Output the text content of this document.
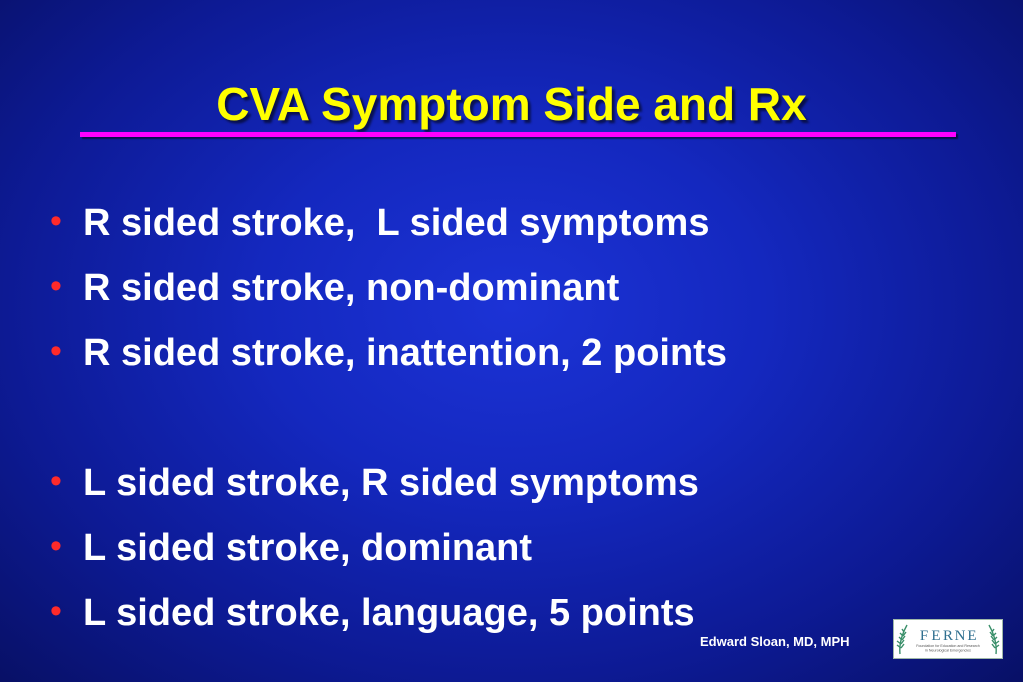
CVA Symptom Side and Rx
• R sided stroke,  L sided symptoms
• R sided stroke, non-dominant
• R sided stroke, inattention, 2 points
• L sided stroke, R sided symptoms
• L sided stroke, dominant
• L sided stroke, language, 5 points
Edward Sloan, MD, MPH	F E R N E
Foundation for Education and Research
in Neurological Emergencies
